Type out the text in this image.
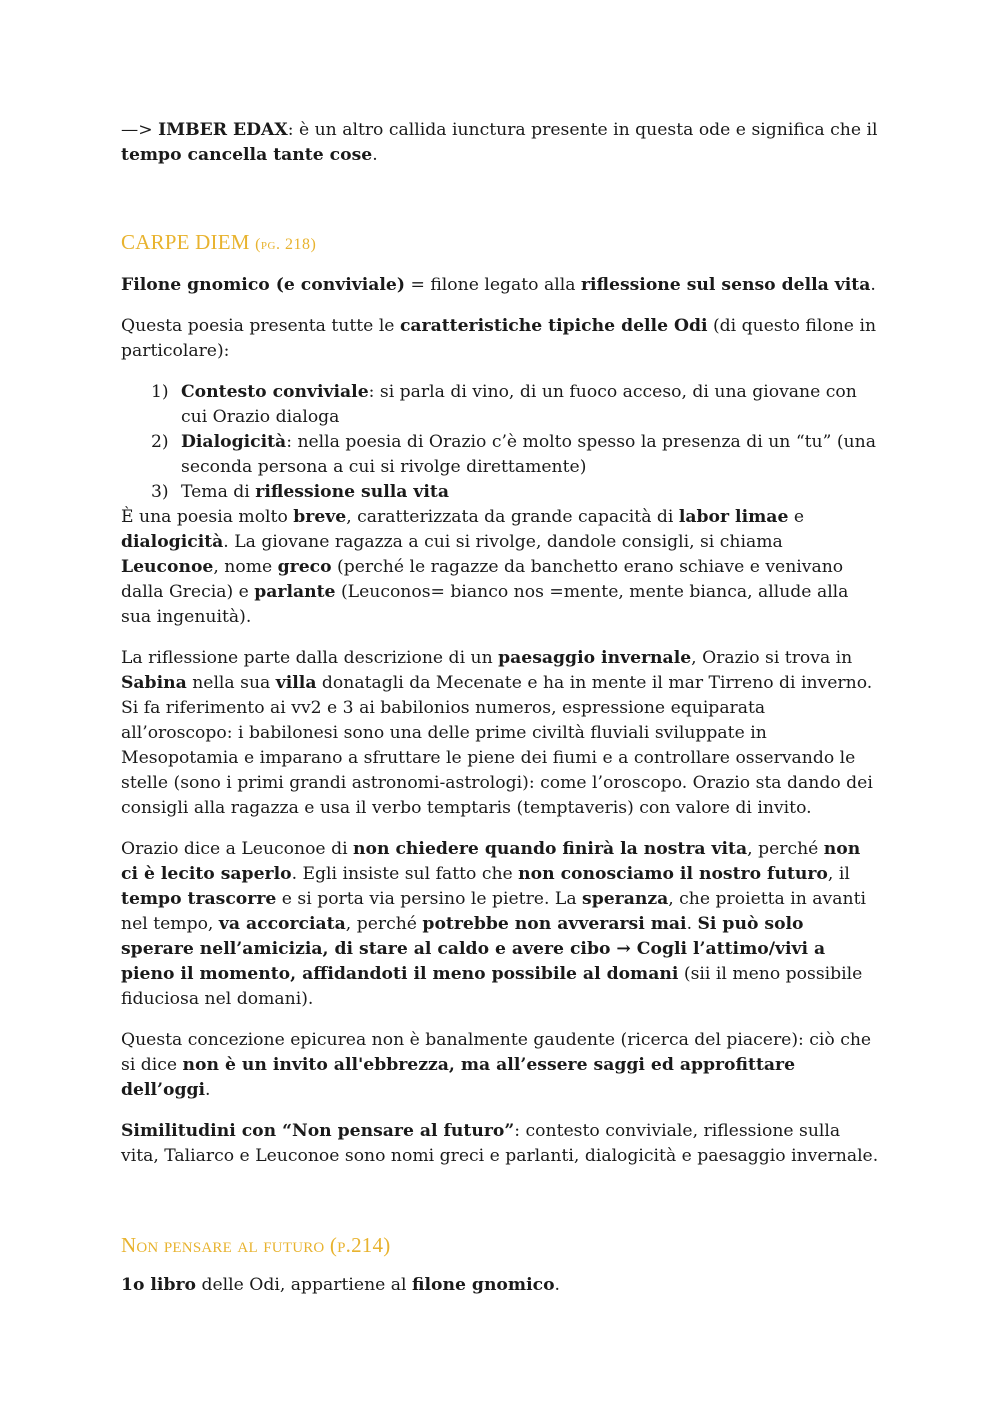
—> IMBER EDAX: è un altro callida iunctura presente in questa ode e significa che il tempo cancella tante cose.

CARPE DIEM (pg. 218)

Filone gnomico (e conviviale) = filone legato alla riflessione sul senso della vita.

Questa poesia presenta tutte le caratteristiche tipiche delle Odi (di questo filone in particolare):

1) Contesto conviviale: si parla di vino, di un fuoco acceso, di una giovane con cui Orazio dialoga
2) Dialogicità: nella poesia di Orazio c’è molto spesso la presenza di un “tu” (una seconda persona a cui si rivolge direttamente)
3) Tema di riflessione sulla vita

È una poesia molto breve, caratterizzata da grande capacità di labor limae e dialogicità. La giovane ragazza a cui si rivolge, dandole consigli, si chiama Leuconoe, nome greco (perché le ragazze da banchetto erano schiave e venivano dalla Grecia) e parlante (Leuconos= bianco nos =mente, mente bianca, allude alla sua ingenuità).

La riflessione parte dalla descrizione di un paesaggio invernale, Orazio si trova in Sabina nella sua villa donatagli da Mecenate e ha in mente il mar Tirreno di inverno. Si fa riferimento ai vv2 e 3 ai babilonios numeros, espressione equiparata all’oroscopo: i babilonesi sono una delle prime civiltà fluviali sviluppate in Mesopotamia e imparano a sfruttare le piene dei fiumi e a controllare osservando le stelle (sono i primi grandi astronomi-astrologi): come l’oroscopo. Orazio sta dando dei consigli alla ragazza e usa il verbo temptaris (temptaveris) con valore di invito.

Orazio dice a Leuconoe di non chiedere quando finirà la nostra vita, perché non ci è lecito saperlo. Egli insiste sul fatto che non conosciamo il nostro futuro, il tempo trascorre e si porta via persino le pietre. La speranza, che proietta in avanti nel tempo, va accorciata, perché potrebbe non avverarsi mai. Si può solo sperare nell’amicizia, di stare al caldo e avere cibo → Cogli l’attimo/vivi a pieno il momento, affidandoti il meno possibile al domani (sii il meno possibile fiduciosa nel domani).

Questa concezione epicurea non è banalmente gaudente (ricerca del piacere): ciò che si dice non è un invito all'ebbrezza, ma all’essere saggi ed approfittare dell’oggi.

Similitudini con “Non pensare al futuro”: contesto conviviale, riflessione sulla vita, Taliarco e Leuconoe sono nomi greci e parlanti, dialogicità e paesaggio invernale.

Non pensare al futuro (p.214)

1o libro delle Odi, appartiene al filone gnomico.
